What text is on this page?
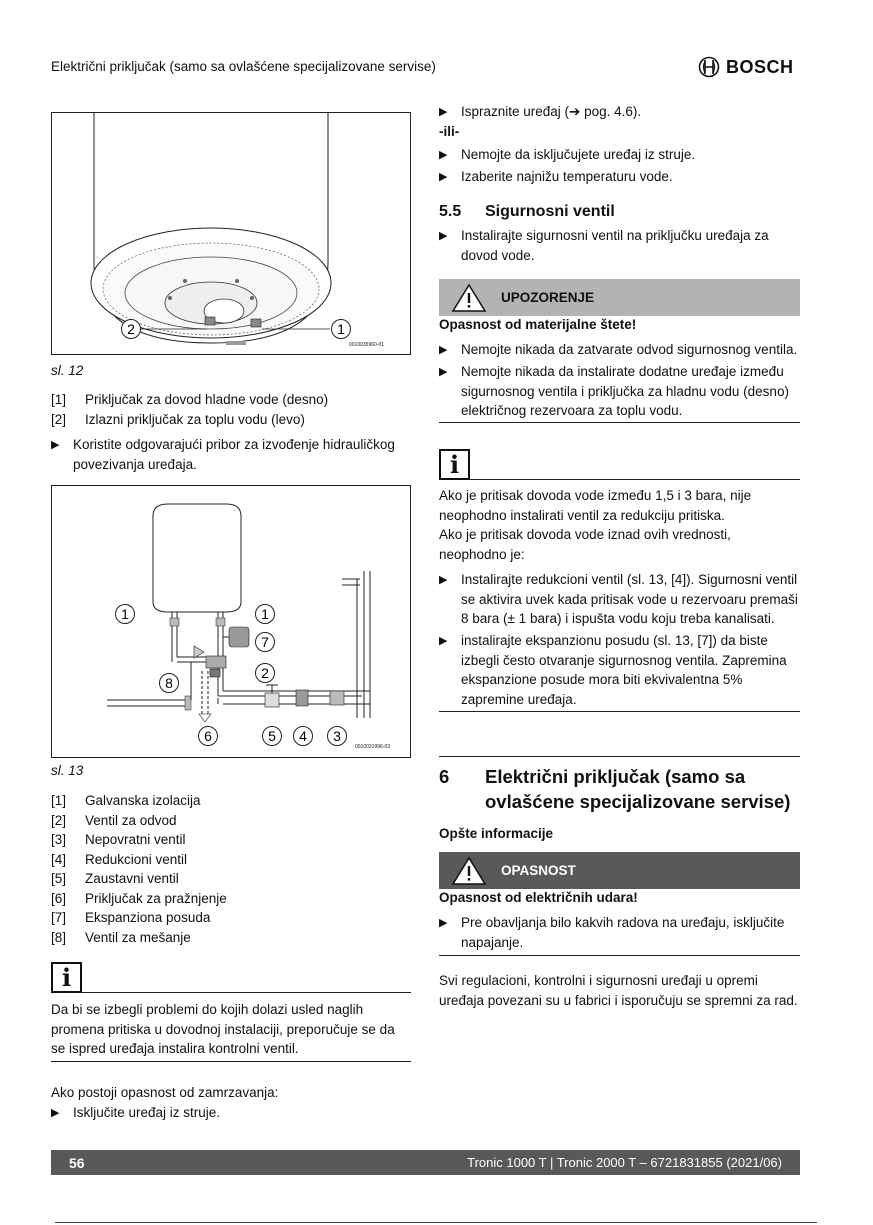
Električni priključak (samo sa ovlašćene specijalizovane servise)	BOSCH
2	1
0010035960-01
sl. 12
[1]	Priključak za dovod hladne vode (desno)
[2]	Izlazni priključak za toplu vodu (levo)
▶	Koristite odgovarajući pribor za izvođenje hidrauličkog povezivanja uređaja.
1	1
7
2
8
6	5 4 3
0010031996-03
sl. 13
[1]	Galvanska izolacija
[2]	Ventil za odvod
[3]	Nepovratni ventil
[4]	Redukcioni ventil
[5]	Zaustavni ventil
[6]	Priključak za pražnjenje
[7]	Ekspanziona posuda
[8]	Ventil za mešanje
i
Da bi se izbegli problemi do kojih dolazi usled naglih promena pritiska u dovodnoj instalaciji, preporučuje se da se ispred uređaja instalira kontrolni ventil.
Ako postoji opasnost od zamrzavanja:
▶	Isključite uređaj iz struje.
▶	Ispraznite uređaj (➔ pog. 4.6).
-ili-
▶	Nemojte da isključujete uređaj iz struje.
▶	Izaberite najnižu temperaturu vode.
5.5 Sigurnosni ventil
▶	Instalirajte sigurnosni ventil na priključku uređaja za dovod vode.
UPOZORENJE
Opasnost od materijalne štete!
▶	Nemojte nikada da zatvarate odvod sigurnosnog ventila.
▶	Nemojte nikada da instalirate dodatne uređaje između sigurnosnog ventila i priključka za hladnu vodu (desno) električnog rezervoara za toplu vodu.
i
Ako je pritisak dovoda vode između 1,5 i 3 bara, nije neophodno instalirati ventil za redukciju pritiska.
Ako je pritisak dovoda vode iznad ovih vrednosti, neophodno je:
▶	Instalirajte redukcioni ventil (sl. 13, [4]). Sigurnosni ventil se aktivira uvek kada pritisak vode u rezervoaru premaši 8 bara (± 1 bara) i ispušta vodu koju treba kanalisati.
▶	instalirajte ekspanzionu posudu (sl. 13, [7]) da biste izbegli često otvaranje sigurnosnog ventila. Zapremina ekspanzione posude mora biti ekvivalentna 5% zapremine uređaja.
6	Električni priključak (samo sa ovlašćene specijalizovane servise)
Opšte informacije
OPASNOST
Opasnost od električnih udara!
▶	Pre obavljanja bilo kakvih radova na uređaju, isključite napajanje.
Svi regulacioni, kontrolni i sigurnosni uređaji u opremi uređaja povezani su u fabrici i isporučuju se spremni za rad.
56	Tronic 1000 T | Tronic 2000 T – 6721831855 (2021/06)
